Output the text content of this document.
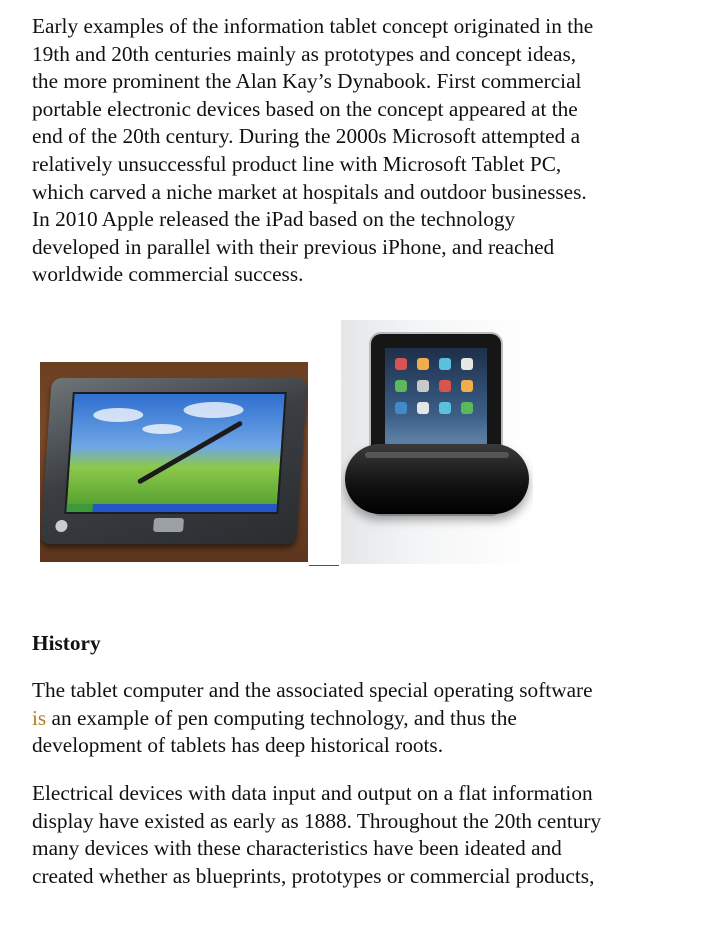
Early examples of the information tablet concept originated in the
19th and 20th centuries mainly as prototypes and concept ideas,
the more prominent the Alan Kay’s Dynabook. First commercial
portable electronic devices based on the concept appeared at the
end of the 20th century. During the 2000s Microsoft attempted a
relatively unsuccessful product line with Microsoft Tablet PC,
which carved a niche market at hospitals and outdoor businesses.
In 2010 Apple released the iPad based on the technology
developed in parallel with their previous iPhone, and reached
worldwide commercial success.

History

The tablet computer and the associated special operating software
is an example of pen computing technology, and thus the
development of tablets has deep historical roots.

Electrical devices with data input and output on a flat information
display have existed as early as 1888. Throughout the 20th century
many devices with these characteristics have been ideated and
created whether as blueprints, prototypes or commercial products,
